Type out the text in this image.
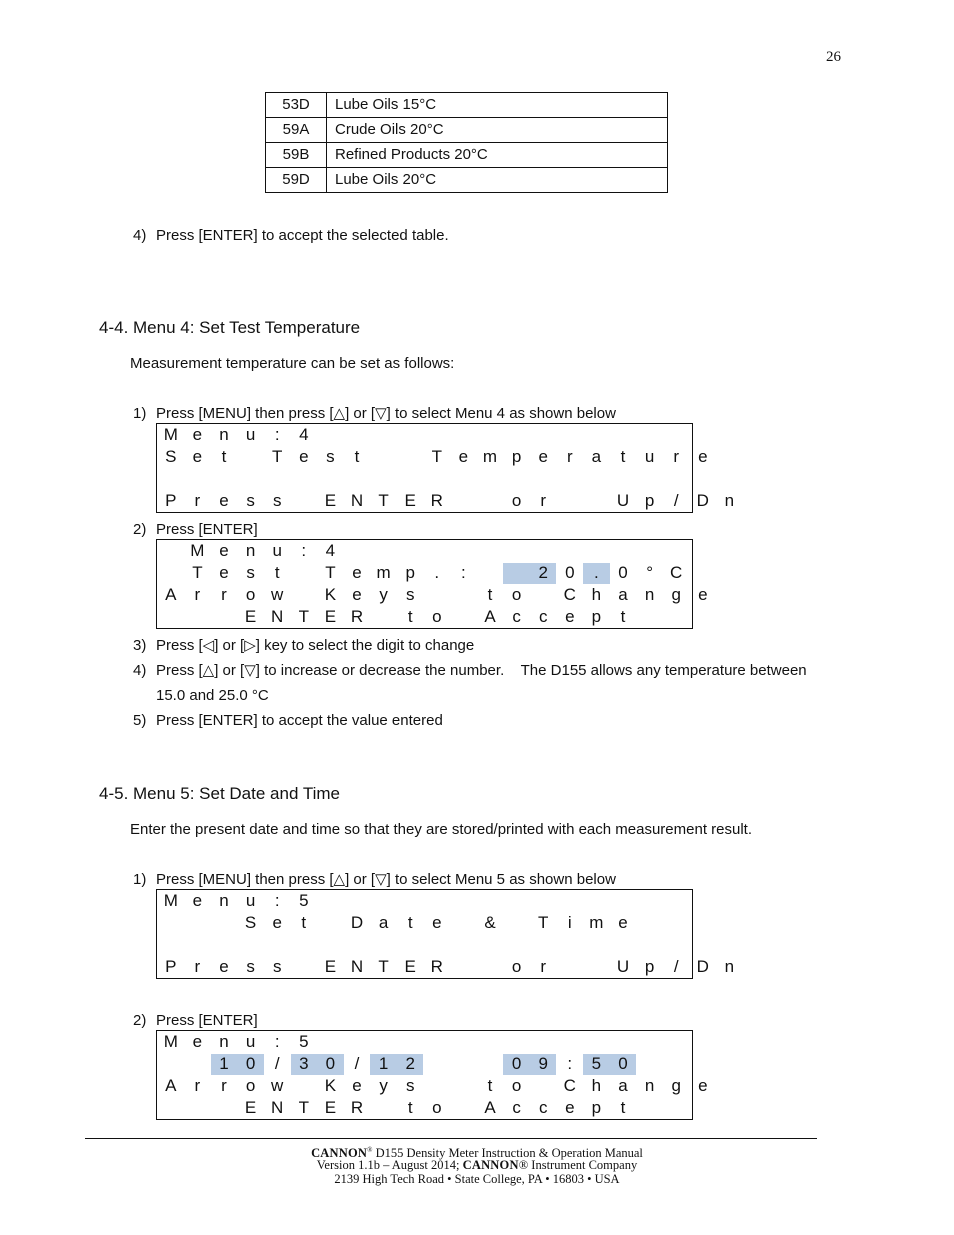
26
53D	Lube Oils 15°C
59A	Crude Oils 20°C
59B	Refined Products 20°C
59D	Lube Oils 20°C
4) Press [ENTER] to accept the selected table.
4-4. Menu 4: Set Test Temperature
Measurement temperature can be set as follows:
1) Press [MENU] then press [△] or [▽] to select Menu 4 as shown below
M e	n	u	:	4
S e	t	T e	s	t	T e m p	e	r	a	t	u	r	e
P	r	e	s	s	E N T E R	o	r	U p	/	D n
2) Press [ENTER]
M e	n	u	:	4
T e	s	t	T e m p	.	:	2	0	.	0	°	C
A	r	r	o w	K e	y	s	t	o	C h	a	n	g	e
E N T E R	t	o	A c	c	e	p	t
3) Press [◁] or [▷] key to select the digit to change
4) Press [△] or [▽] to increase or decrease the number.    The D155 allows any temperature between
15.0 and 25.0 °C
5) Press [ENTER] to accept the value entered
4-5. Menu 5: Set Date and Time
Enter the present date and time so that they are stored/printed with each measurement result.
1) Press [MENU] then press [△] or [▽] to select Menu 5 as shown below
M e	n	u	:	5
S e	t	D a	t	e	&	T	i	m e
P	r	e	s	s	E N T E R	o	r	U p	/	D n
2) Press [ENTER]
M e	n	u	:	5
1	0	/	3	0	/	1	2	0	9	:	5	0
A	r	r	o w	K e	y	s	t	o	C h	a	n	g	e
E N T E R	t	o	A c	c	e	p	t
CANNON® D155 Density Meter Instruction & Operation Manual
Version 1.1b – August 2014; CANNON® Instrument Company
2139 High Tech Road • State College, PA • 16803 • USA
